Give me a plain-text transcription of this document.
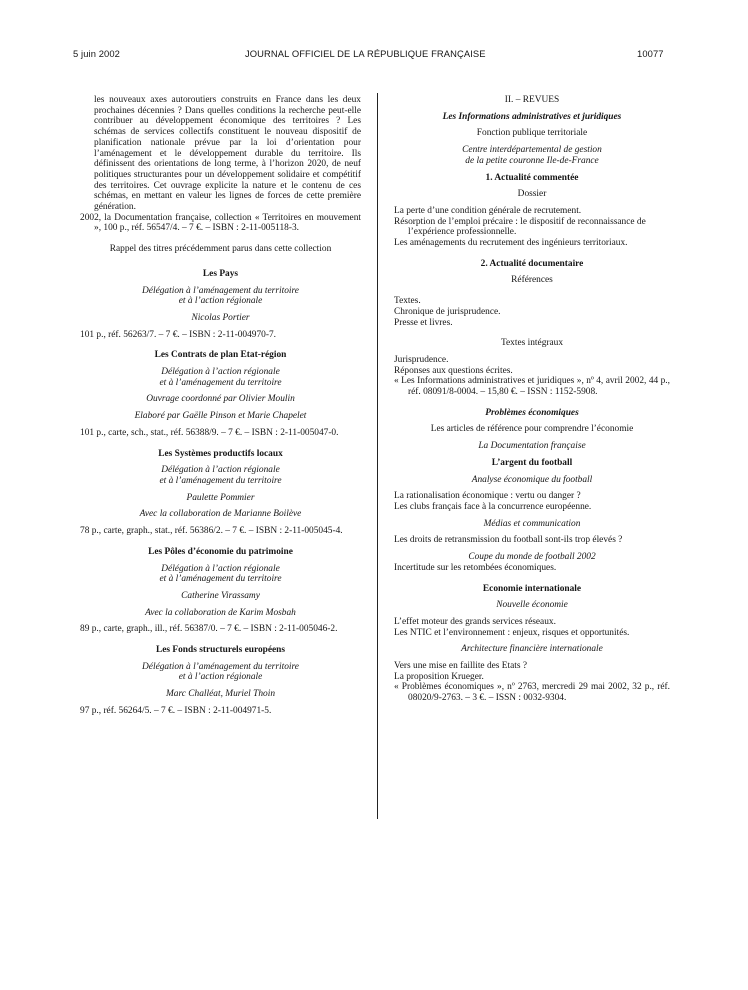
5 juin 2002	JOURNAL OFFICIEL DE LA RÉPUBLIQUE FRANÇAISE	10077

les nouveaux axes autoroutiers construits en France dans les deux prochaines décennies ? Dans quelles conditions la recherche peut-elle contribuer au développement économique des territoires ? Les schémas de services collectifs constituent le nouveau dispositif de planification nationale prévue par la loi d’orientation pour l’aménagement et le développement durable du territoire. Ils définissent des orientations de long terme, à l’horizon 2020, de neuf politiques structurantes pour un développement solidaire et compétitif des territoires. Cet ouvrage explicite la nature et le contenu de ces schémas, en mettant en valeur les lignes de forces de cette première génération.

2002, la Documentation française, collection « Territoires en mouvement », 100 p., réf. 56547/4. – 7 €. – ISBN : 2-11-005118-3.

Rappel des titres précédemment parus dans cette collection

Les Pays

Délégation à l’aménagement du territoire

et à l’action régionale

Nicolas Portier

101 p., réf. 56263/7. – 7 €. – ISBN : 2-11-004970-7.

Les Contrats de plan Etat-région

Délégation à l’action régionale

et à l’aménagement du territoire

Ouvrage coordonné par Olivier Moulin

Elaboré par Gaëlle Pinson et Marie Chapelet

101 p., carte, sch., stat., réf. 56388/9. – 7 €. – ISBN : 2-11-005047-0.

Les Systèmes productifs locaux

Délégation à l’action régionale

et à l’aménagement du territoire

Paulette Pommier

Avec la collaboration de Marianne Boilève

78 p., carte, graph., stat., réf. 56386/2. – 7 €. – ISBN : 2-11-005045-4.

Les Pôles d’économie du patrimoine

Délégation à l’action régionale

et à l’aménagement du territoire

Catherine Virassamy

Avec la collaboration de Karim Mosbah

89 p., carte, graph., ill., réf. 56387/0. – 7 €. – ISBN : 2-11-005046-2.

Les Fonds structurels européens

Délégation à l’aménagement du territoire

et à l’action régionale

Marc Challéat, Muriel Thoin

97 p., réf. 56264/5. – 7 €. – ISBN : 2-11-004971-5.

II. – REVUES

Les Informations administratives et juridiques

Fonction publique territoriale

Centre interdépartemental de gestion

de la petite couronne Ile-de-France

1. Actualité commentée

Dossier

La perte d’une condition générale de recrutement.

Résorption de l’emploi précaire : le dispositif de reconnaissance de l’expérience professionnelle.

Les aménagements du recrutement des ingénieurs territoriaux.

2. Actualité documentaire

Références

Textes.

Chronique de jurisprudence.

Presse et livres.

Textes intégraux

Jurisprudence.

Réponses aux questions écrites.

« Les Informations administratives et juridiques », nº 4, avril 2002, 44 p., réf. 08091/8-0004. – 15,80 €. – ISSN : 1152-5908.

Problèmes économiques

Les articles de référence pour comprendre l’économie

La Documentation française

L’argent du football

Analyse économique du football

La rationalisation économique : vertu ou danger ?

Les clubs français face à la concurrence européenne.

Médias et communication

Les droits de retransmission du football sont-ils trop élevés ?

Coupe du monde de football 2002

Incertitude sur les retombées économiques.

Economie internationale

Nouvelle économie

L’effet moteur des grands services réseaux.

Les NTIC et l’environnement : enjeux, risques et opportunités.

Architecture financière internationale

Vers une mise en faillite des Etats ?

La proposition Krueger.

« Problèmes économiques », nº 2763, mercredi 29 mai 2002, 32 p., réf. 08020/9-2763. – 3 €. – ISSN : 0032-9304.
